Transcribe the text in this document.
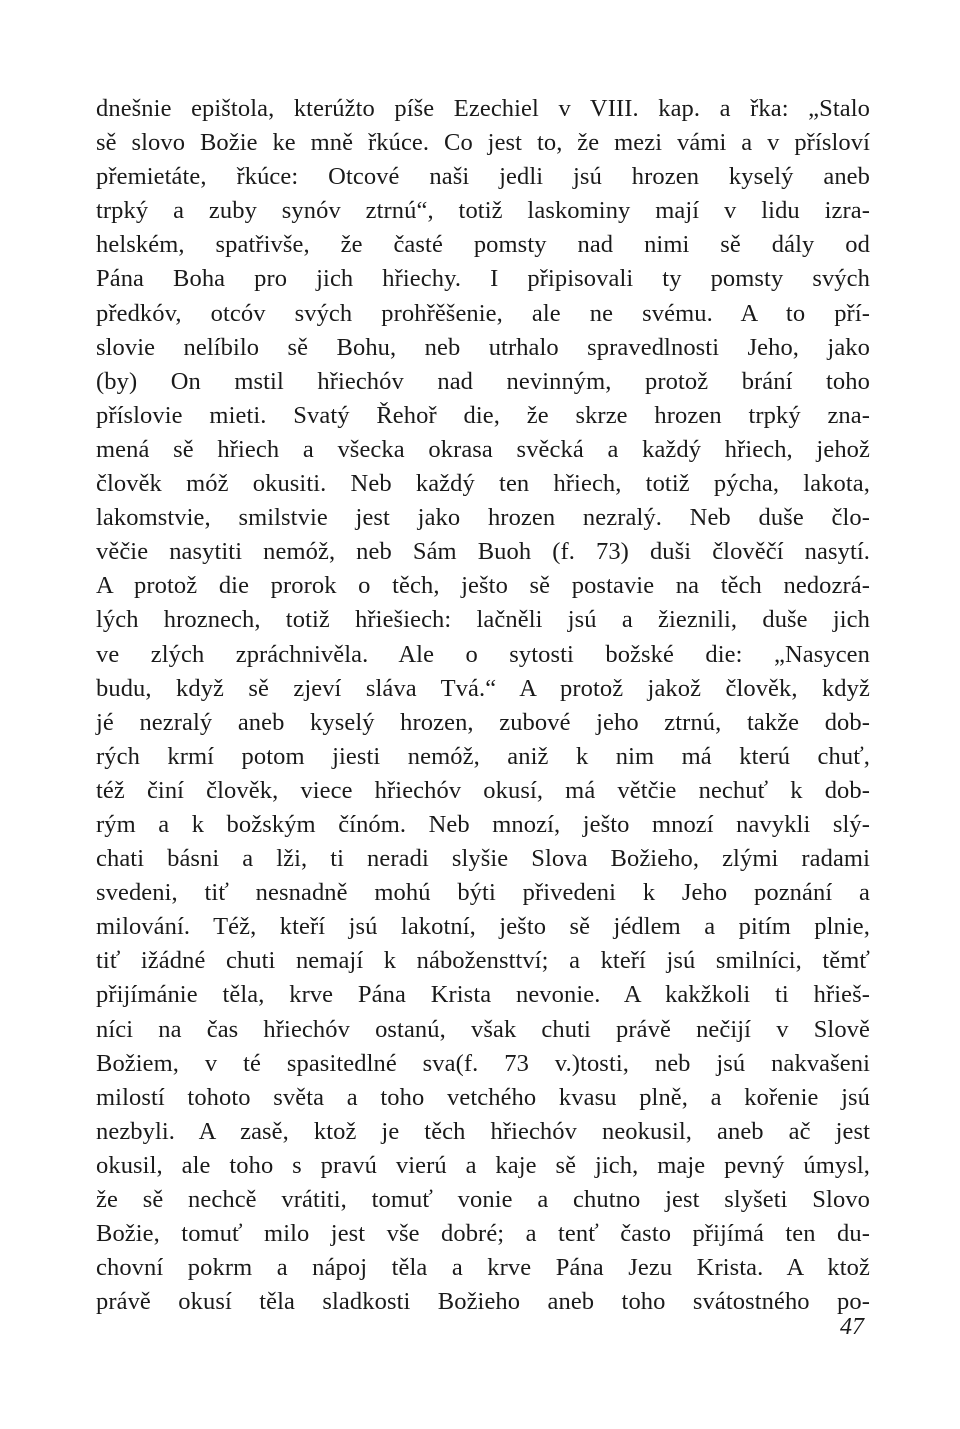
dnešnie epištola, kterúžto píše Ezechiel v VIII. kap. a řka: „Stalo
sě slovo Božie ke mně řkúce. Co jest to, že mezi vámi a v přísloví
přemietáte, řkúce: Otcové naši jedli jsú hrozen kyselý aneb
trpký a zuby synóv ztrnú“, totiž laskominy mají v lidu izra-
helském, spatřivše, že časté pomsty nad nimi sě dály od
Pána Boha pro jich hřiechy. I připisovali ty pomsty svých
předkóv, otcóv svých prohřěšenie, ale ne svému. A to pří-
slovie nelíbilo sě Bohu, neb utrhalo spravedlnosti Jeho, jako
(by) On mstil hřiechóv nad nevinným, protož brání toho
příslovie mieti. Svatý Řehoř die, že skrze hrozen trpký zna-
mená sě hřiech a všecka okrasa svěcká a každý hřiech, jehož
člověk móž okusiti. Neb každý ten hřiech, totiž pýcha, lakota,
lakomstvie, smilstvie jest jako hrozen nezralý. Neb duše člo-
věčie nasytiti nemóž, neb Sám Buoh (f. 73) duši člověčí nasytí.
A protož die prorok o těch, ješto sě postavie na těch nedozrá-
lých hroznech, totiž hřiešiech: lačněli jsú a žieznili, duše jich
ve zlých zpráchnivěla. Ale o sytosti božské die: „Nasycen
budu, když sě zjeví sláva Tvá.“ A protož jakož člověk, když
jé nezralý aneb kyselý hrozen, zubové jeho ztrnú, takže dob-
rých krmí potom jiesti nemóž, aniž k nim má kterú chuť,
též činí člověk, viece hřiechóv okusí, má větčie nechuť k dob-
rým a k božským čínóm. Neb mnozí, ješto mnozí navykli slý-
chati básni a lži, ti neradi slyšie Slova Božieho, zlými radami
svedeni, tiť nesnadně mohú býti přivedeni k Jeho poznání a
milování. Též, kteří jsú lakotní, ješto sě jédlem a pitím plnie,
tiť ižádné chuti nemají k nábožensttví; a kteří jsú smilníci, těmť
přijímánie těla, krve Pána Krista nevonie. A kakžkoli ti hřieš-
níci na čas hřiechóv ostanú, však chuti právě nečijí v Slově
Božiem, v té spasitedlné sva(f. 73 v.)tosti, neb jsú nakvašeni
milostí tohoto světa a toho vetchého kvasu plně, a kořenie jsú
nezbyli. A zasě, ktož je těch hřiechóv neokusil, aneb ač jest
okusil, ale toho s pravú vierú a kaje sě jich, maje pevný úmysl,
že sě nechcě vrátiti, tomuť vonie a chutno jest slyšeti Slovo
Božie, tomuť milo jest vše dobré; a tenť často přijímá ten du-
chovní pokrm a nápoj těla a krve Pána Jezu Krista. A ktož
právě okusí těla sladkosti Božieho aneb toho svátostného po-
47
